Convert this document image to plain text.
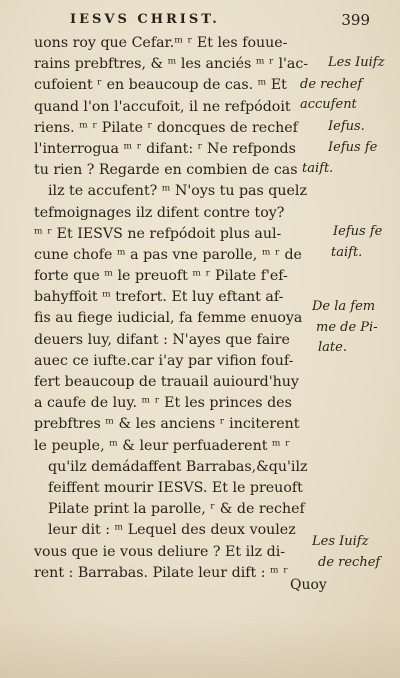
IESVS CHRIST.	399
uons roy que Cefar.ᵐ ʳ Et les fouue-
rains prebftres, & ᵐ les anciés ᵐ ʳ l'ac-
cufoient ʳ en beaucoup de cas. ᵐ Et
quand l'on l'accufoit, il ne refpódoit
riens. ᵐ ʳ Pilate ʳ doncques de rechef
l'interrogua ᵐ ʳ difant: ʳ Ne refponds
tu rien ? Regarde en combien de cas
ilz te accufent? ᵐ N'oys tu pas quelz
tefmoignages ilz difent contre toy?
ᵐ ʳ Et IESVS ne refpódoit plus aul-
cune chofe ᵐ a pas vne parolle, ᵐ ʳ de
forte que ᵐ le preuoft ᵐ ʳ Pilate f'ef-
bahyffoit ᵐ trefort. Et luy eftant af-
fis au fiege iudicial, fa femme enuoya
deuers luy, difant : N'ayes que faire
auec ce iufte.car i'ay par vifion fouf-
fert beaucoup de trauail auiourd'huy
a caufe de luy. ᵐ ʳ Et les princes des
prebftres ᵐ & les anciens ʳ inciterent
le peuple, ᵐ & leur perfuaderent ᵐ ʳ
qu'ilz demádaffent Barrabas,&qu'ilz
feiffent mourir IESVS. Et le preuoft
Pilate print la parolle, ʳ & de rechef
leur dit : ᵐ Lequel des deux voulez
vous que ie vous deliure ? Et ilz di-
rent : Barrabas. Pilate leur dift : ᵐ ʳ
Les Iuifz
de rechef
accufent
Iefus.
Iefus fe
taift.
Iefus fe
taift.
De la fem
me de Pi-
late.
Les Iuifz
de rechef
Quoy
